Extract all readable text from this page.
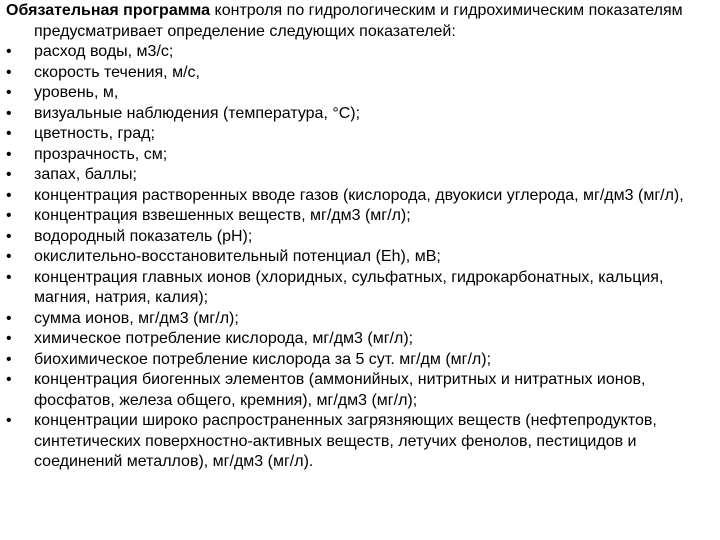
Обязательная программа контроля по гидрологическим и гидрохимическим показателям предусматривает определение следующих показателей:

•	расход воды, м3/с;
•	скорость течения, м/с,
•	уровень, м,
•	визуальные наблюдения (температура, °С);
•	цветность, град;
•	прозрачность, см;
•	запах, баллы;
•	концентрация растворенных вводе газов (кислорода, двуокиси углерода, мг/дм3 (мг/л),
•	концентрация взвешенных веществ, мг/дм3 (мг/л);
•	водородный показатель (рН);
•	окислительно-восстановительный потенциал (Eh), мВ;
•	концентрация главных ионов (хлоридных, сульфатных, гидрокарбонатных, кальция, магния, натрия, калия);
•	сумма ионов, мг/дм3 (мг/л);
•	химическое потребление кислорода, мг/дм3 (мг/л);
•	биохимическое потребление кислорода за 5 сут. мг/дм (мг/л);
•	концентрация биогенных элементов (аммонийных, нитритных и нитратных ионов, фосфатов, железа общего, кремния), мг/дм3 (мг/л);
•	концентрации широко распространенных загрязняющих веществ (нефтепродуктов, синтетических поверхностно-активных веществ, летучих фенолов, пестицидов и соединений металлов), мг/дм3 (мг/л).
